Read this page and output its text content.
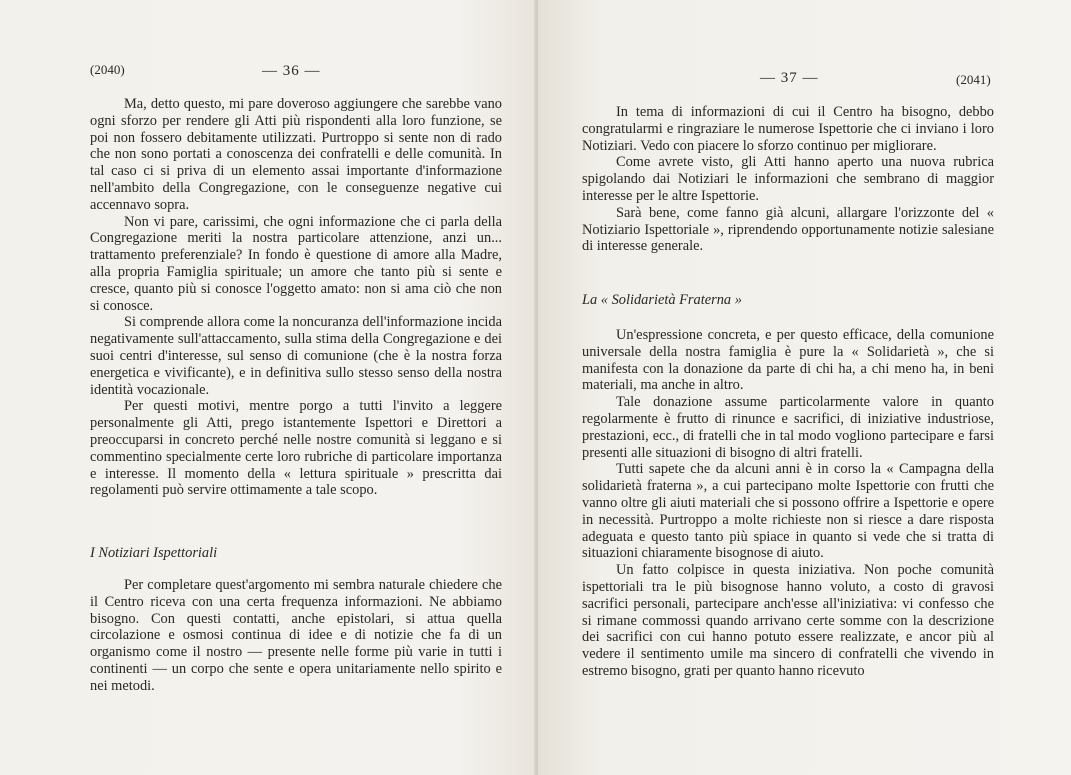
(2040)	— 36 —

Ma, detto questo, mi pare doveroso aggiungere che sarebbe vano ogni sforzo per rendere gli Atti più rispondenti alla loro funzione, se poi non fossero debitamente utilizzati. Purtroppo si sente non di rado che non sono portati a conoscenza dei confratelli e delle comunità. In tal caso ci si priva di un elemento assai importante d'informazione nell'ambito della Congregazione, con le conseguenze negative cui accennavo sopra.

Non vi pare, carissimi, che ogni informazione che ci parla della Congregazione meriti la nostra particolare attenzione, anzi un... trattamento preferenziale? In fondo è questione di amore alla Madre, alla propria Famiglia spirituale; un amore che tanto più si sente e cresce, quanto più si conosce l'oggetto amato: non si ama ciò che non si conosce.

Si comprende allora come la noncuranza dell'informazione incida negativamente sull'attaccamento, sulla stima della Congregazione e dei suoi centri d'interesse, sul senso di comunione (che è la nostra forza energetica e vivificante), e in definitiva sullo stesso senso della nostra identità vocazionale.

Per questi motivi, mentre porgo a tutti l'invito a leggere personalmente gli Atti, prego istantemente Ispettori e Direttori a preoccuparsi in concreto perché nelle nostre comunità si leggano e si commentino specialmente certe loro rubriche di particolare importanza e interesse. Il momento della « lettura spirituale » prescritta dai regolamenti può servire ottimamente a tale scopo.

I Notiziari Ispettoriali

Per completare quest'argomento mi sembra naturale chiedere che il Centro riceva con una certa frequenza informazioni. Ne abbiamo bisogno. Con questi contatti, anche epistolari, si attua quella circolazione e osmosi continua di idee e di notizie che fa di un organismo come il nostro — presente nelle forme più varie in tutti i continenti — un corpo che sente e opera unitariamente nello spirito e nei metodi.

— 37 —	(2041)

In tema di informazioni di cui il Centro ha bisogno, debbo congratularmi e ringraziare le numerose Ispettorie che ci inviano i loro Notiziari. Vedo con piacere lo sforzo continuo per migliorare.

Come avrete visto, gli Atti hanno aperto una nuova rubrica spigolando dai Notiziari le informazioni che sembrano di maggior interesse per le altre Ispettorie.

Sarà bene, come fanno già alcuni, allargare l'orizzonte del « Notiziario Ispettoriale », riprendendo opportunamente notizie salesiane di interesse generale.

La « Solidarietà Fraterna »

Un'espressione concreta, e per questo efficace, della comunione universale della nostra famiglia è pure la « Solidarietà », che si manifesta con la donazione da parte di chi ha, a chi meno ha, in beni materiali, ma anche in altro.

Tale donazione assume particolarmente valore in quanto regolarmente è frutto di rinunce e sacrifici, di iniziative industriose, prestazioni, ecc., di fratelli che in tal modo vogliono partecipare e farsi presenti alle situazioni di bisogno di altri fratelli.

Tutti sapete che da alcuni anni è in corso la « Campagna della solidarietà fraterna », a cui partecipano molte Ispettorie con frutti che vanno oltre gli aiuti materiali che si possono offrire a Ispettorie e opere in necessità. Purtroppo a molte richieste non si riesce a dare risposta adeguata e questo tanto più spiace in quanto si vede che si tratta di situazioni chiaramente bisognose di aiuto.

Un fatto colpisce in questa iniziativa. Non poche comunità ispettoriali tra le più bisognose hanno voluto, a costo di gravosi sacrifici personali, partecipare anch'esse all'iniziativa: vi confesso che si rimane commossi quando arrivano certe somme con la descrizione dei sacrifici con cui hanno potuto essere realizzate, e ancor più al vedere il sentimento umile ma sincero di confratelli che vivendo in estremo bisogno, grati per quanto hanno ricevuto
